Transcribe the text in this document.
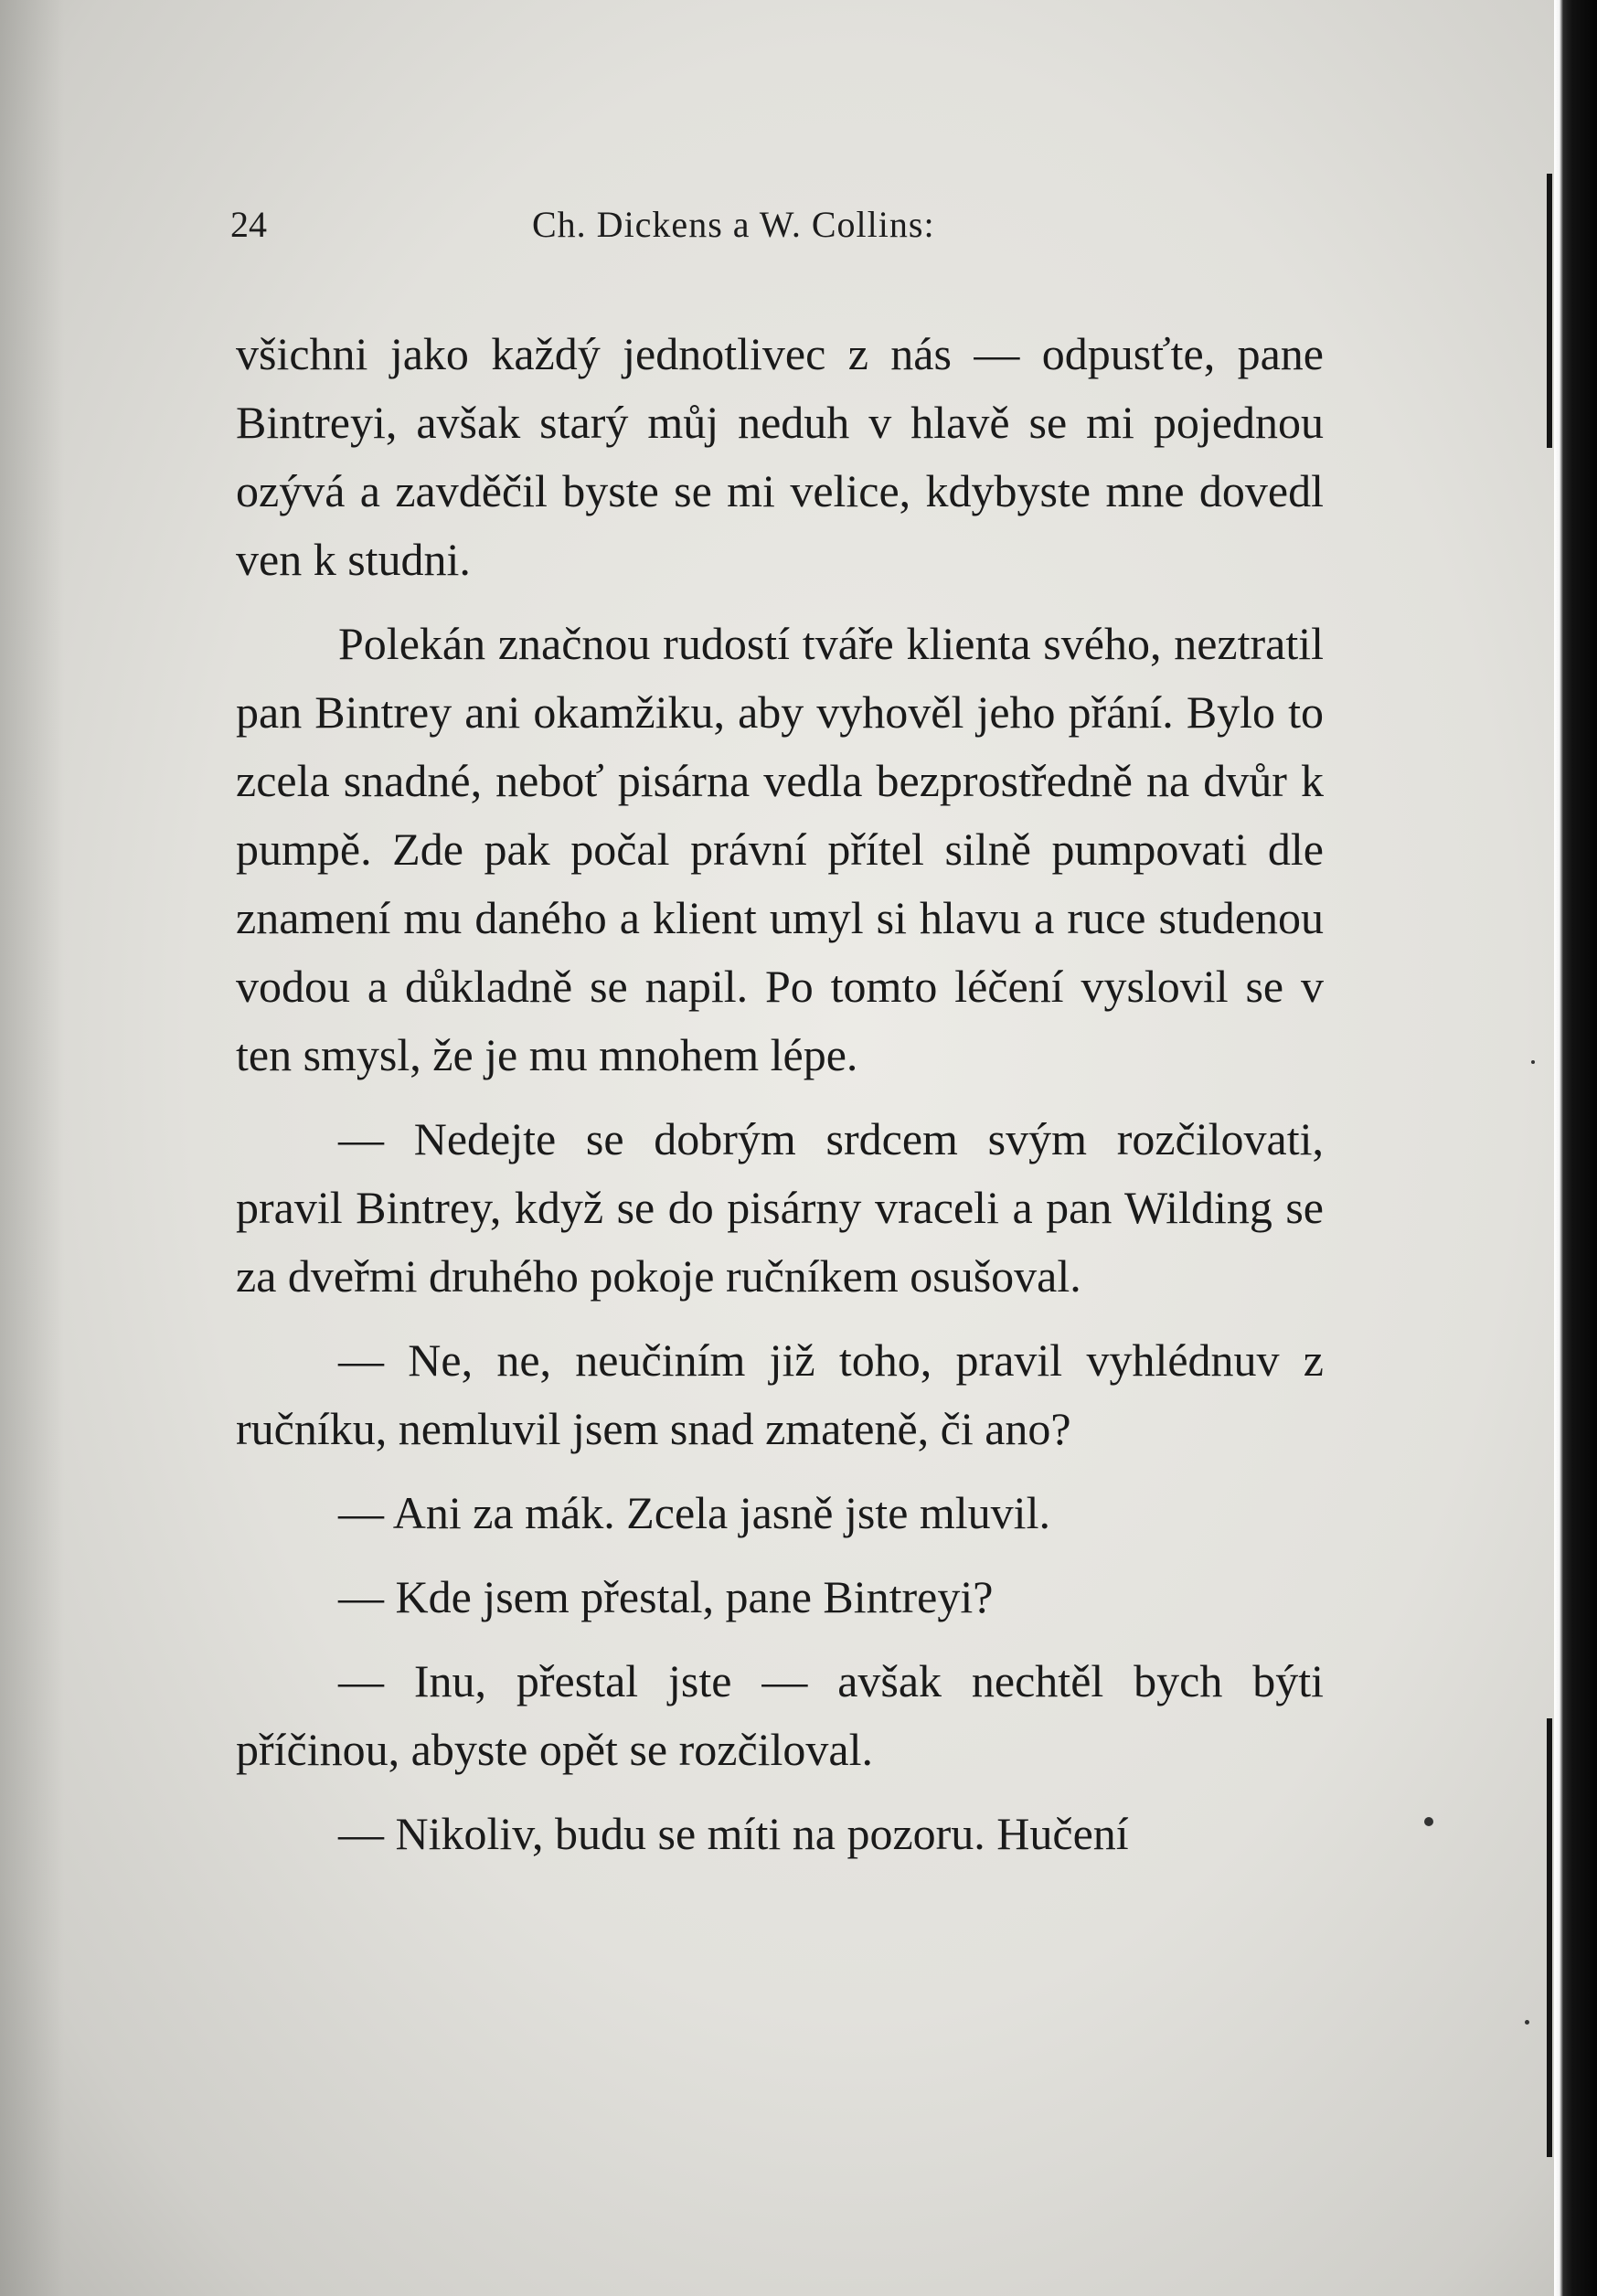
24	Ch. Dickens a W. Collins:

všichni jako každý jednotlivec z nás — odpusťte, pane Bintreyi, avšak starý můj neduh v hlavě se mi pojednou ozývá a zavděčil byste se mi velice, kdybyste mne dovedl ven k studni.

Polekán značnou rudostí tváře klienta svého, neztratil pan Bintrey ani okamžiku, aby vyhověl jeho přání. Bylo to zcela snadné, neboť pisárna vedla bezprostředně na dvůr k pumpě. Zde pak počal právní přítel silně pumpovati dle znamení mu daného a klient umyl si hlavu a ruce studenou vodou a důkladně se napil. Po tomto léčení vyslovil se v ten smysl, že je mu mnohem lépe.

— Nedejte se dobrým srdcem svým rozčilovati, pravil Bintrey, když se do pisárny vraceli a pan Wilding se za dveřmi druhého pokoje ručníkem osušoval.

— Ne, ne, neučiním již toho, pravil vyhlédnuv z ručníku, nemluvil jsem snad zmateně, či ano?

— Ani za mák. Zcela jasně jste mluvil.

— Kde jsem přestal, pane Bintreyi?

— Inu, přestal jste — avšak nechtěl bych býti příčinou, abyste opět se rozčiloval.

— Nikoliv, budu se míti na pozoru. Hučení
